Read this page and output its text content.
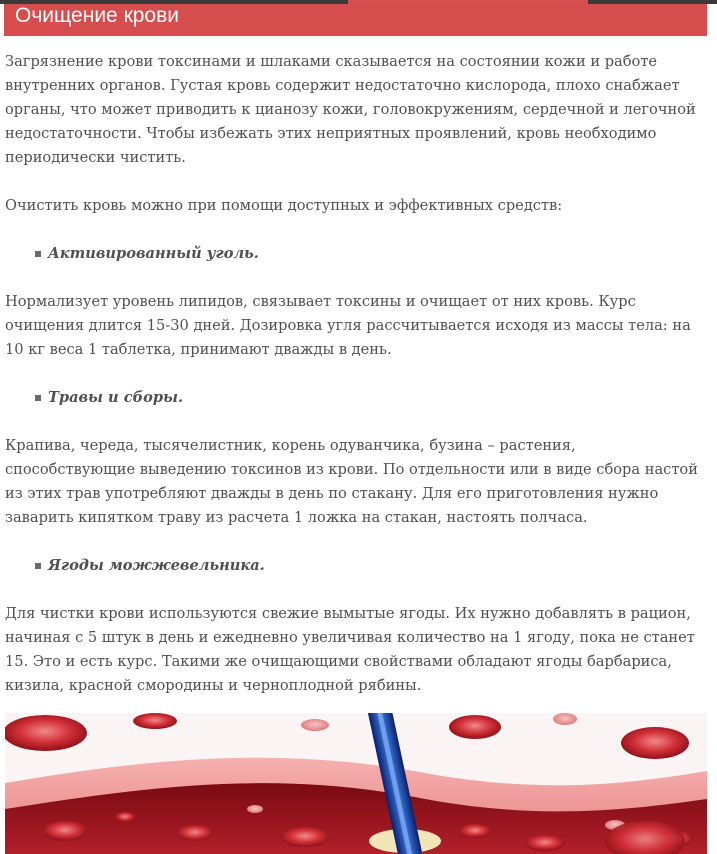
Очищение крови

Загрязнение крови токсинами и шлаками сказывается на состоянии кожи и работе внутренних органов. Густая кровь содержит недостаточно кислорода, плохо снабжает органы, что может приводить к цианозу кожи, головокружениям, сердечной и легочной недостаточности. Чтобы избежать этих неприятных проявлений, кровь необходимо периодически чистить.

Очистить кровь можно при помощи доступных и эффективных средств:

Активированный уголь.

Нормализует уровень липидов, связывает токсины и очищает от них кровь. Курс очищения длится 15-30 дней. Дозировка угля рассчитывается исходя из массы тела: на 10 кг веса 1 таблетка, принимают дважды в день.

Травы и сборы.

Крапива, череда, тысячелистник, корень одуванчика, бузина – растения, способствующие выведению токсинов из крови. По отдельности или в виде сбора настой из этих трав употребляют дважды в день по стакану. Для его приготовления нужно заварить кипятком траву из расчета 1 ложка на стакан, настоять полчаса.

Ягоды можжевельника.

Для чистки крови используются свежие вымытые ягоды. Их нужно добавлять в рацион, начиная с 5 штук в день и ежедневно увеличивая количество на 1 ягоду, пока не станет 15. Это и есть курс. Такими же очищающими свойствами обладают ягоды барбариса, кизила, красной смородины и черноплодной рябины.
